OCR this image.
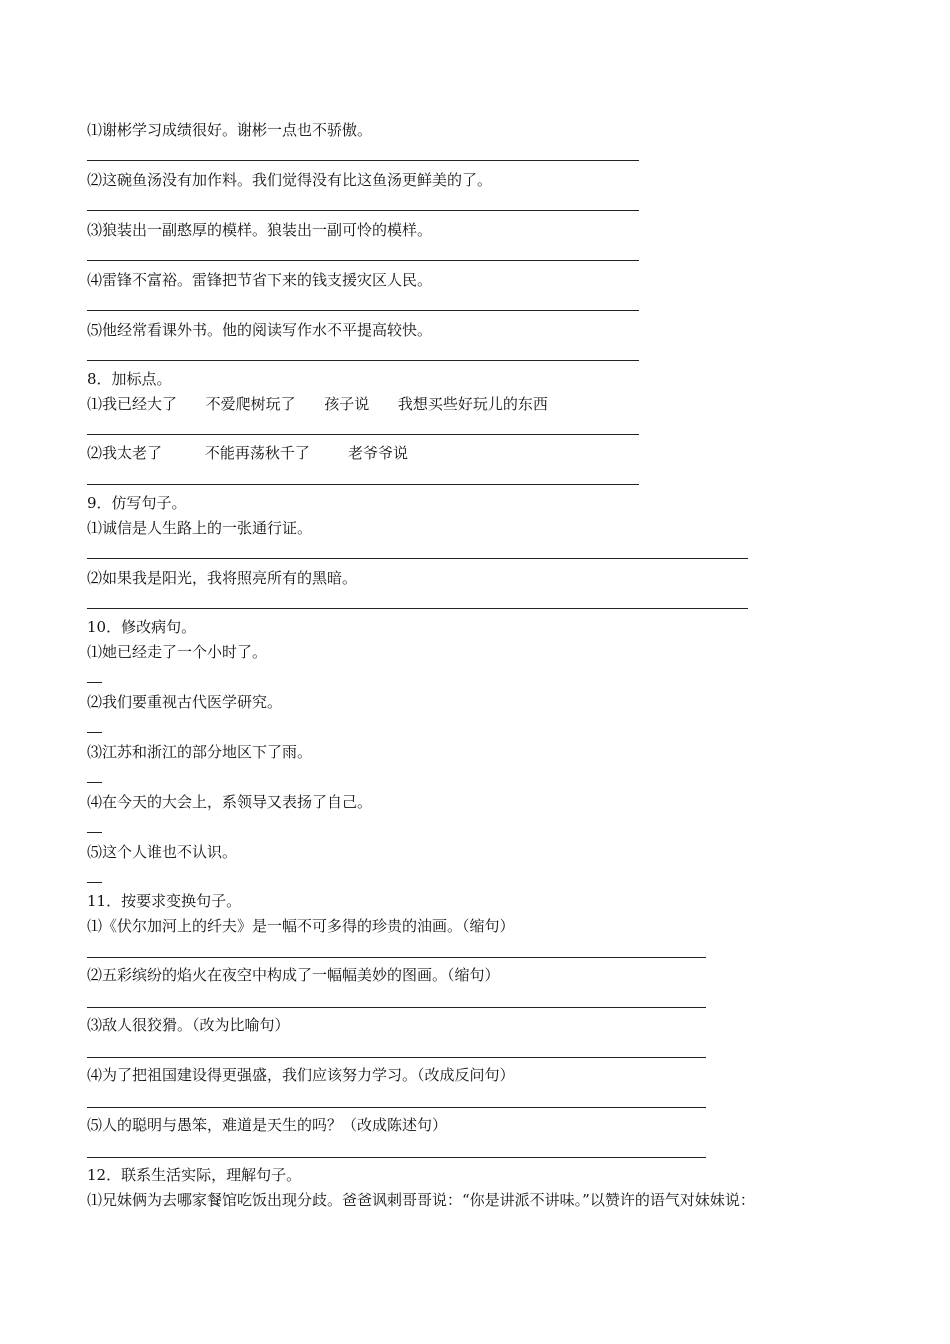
⑴谢彬学习成绩很好。谢彬一点也不骄傲。

⑵这碗鱼汤没有加作料。我们觉得没有比这鱼汤更鲜美的了。

⑶狼装出一副憨厚的模样。狼装出一副可怜的模样。

⑷雷锋不富裕。雷锋把节省下来的钱支援灾区人民。

⑸他经常看课外书。他的阅读写作水不平提高较快。

8．加标点。

⑴我已经大了      不爱爬树玩了      孩子说      我想买些好玩儿的东西

⑵我太老了         不能再荡秋千了        老爷爷说

9．仿写句子。

⑴诚信是人生路上的一张通行证。

⑵如果我是阳光，我将照亮所有的黑暗。

10．修改病句。

⑴她已经走了一个小时了。

⑵我们要重视古代医学研究。

⑶江苏和浙江的部分地区下了雨。

⑷在今天的大会上，系领导又表扬了自己。

⑸这个人谁也不认识。

11．按要求变换句子。

⑴《伏尔加河上的纤夫》是一幅不可多得的珍贵的油画。（缩句）

⑵五彩缤纷的焰火在夜空中构成了一幅幅美妙的图画。（缩句）

⑶敌人很狡猾。（改为比喻句）

⑷为了把祖国建设得更强盛，我们应该努力学习。（改成反问句）

⑸人的聪明与愚笨，难道是天生的吗？（改成陈述句）

12．联系生活实际，理解句子。

⑴兄妹俩为去哪家餐馆吃饭出现分歧。爸爸讽刺哥哥说：“你是讲派不讲味。”以赞许的语气对妹妹说：
